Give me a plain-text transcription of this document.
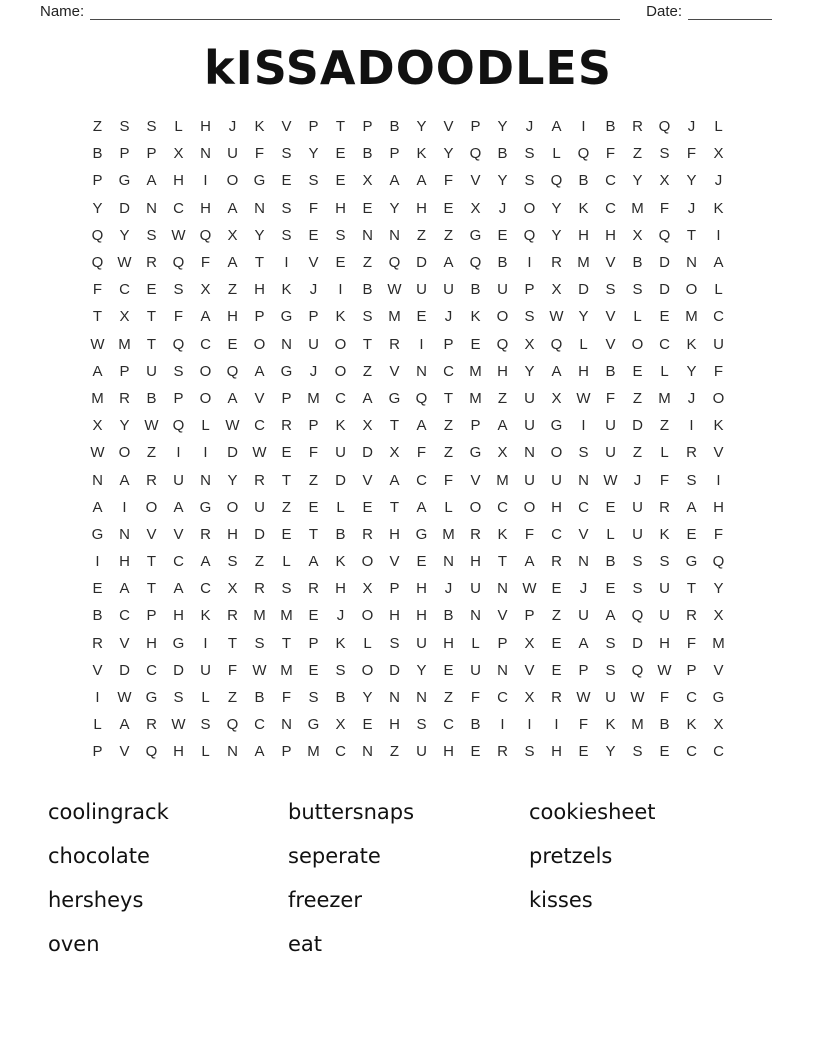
Name:	Date:
kISSADOODLES
Z	S	S	L	H	J	K	V	P	T	P	B	Y	V	P	Y	J	A	I	B	R	Q	J	L
B	P	P	X	N	U	F	S	Y	E	B	P	K	Y	Q	B	S	L	Q	F	Z	S	F	X
P	G	A	H	I	O	G	E	S	E	X	A	A	F	V	Y	S	Q	B	C	Y	X	Y	J
Y	D	N	C	H	A	N	S	F	H	E	Y	H	E	X	J	O	Y	K	C	M	F	J	K
Q	Y	S W Q	X	Y	S	E	S	N	N	Z	Z	G	E	Q	Y	H	H	X	Q	T	I
Q W R	Q	F	A	T	I	V	E	Z	Q	D	A	Q	B	I	R	M	V	B	D	N	A
F	C	E	S	X	Z	H	K	J	I	B W U	U	B	U	P	X	D	S	S	D	O	L
T	X	T	F	A	H	P	G	P	K	S	M	E	J	K	O	S W Y	V	L	E	M	C
W M	T	Q	C	E	O	N	U	O	T	R	I	P	E	Q	X	Q	L	V	O	C	K	U
A	P	U	S	O	Q	A	G	J	O	Z	V	N	C	M	H	Y	A	H	B	E	L	Y	F
M	R	B	P	O	A	V	P	M	C	A	G	Q	T	M	Z	U	X W	F	Z	M	J	O
X	Y W Q	L	W C	R	P	K	X	T	A	Z	P	A	U	G	I	U	D	Z	I	K
W O	Z	I	I	D W E	F	U	D	X	F	Z	G	X	N	O	S	U	Z	L	R	V
N	A	R	U	N	Y	R	T	Z	D	V	A	C	F	V	M	U	U	N W	J	F	S	I
A	I	O	A	G	O	U	Z	E	L	E	T	A	L	O	C	O	H	C	E	U	R	A	H
G	N	V	V	R	H	D	E	T	B	R	H	G M	R	K	F	C	V	L	U	K	E	F
I	H	T	C	A	S	Z	L	A	K	O	V	E	N	H	T	A	R	N	B	S	S	G	Q
E	A	T	A	C	X	R	S	R	H	X	P	H	J	U	N W E	J	E	S	U	T	Y
B	C	P	H	K	R	M M	E	J	O	H	H	B	N	V	P	Z	U	A	Q	U	R	X
R	V	H	G	I	T	S	T	P	K	L	S	U	H	L	P	X	E	A	S	D	H	F	M
V	D	C	D	U	F	W M	E	S	O	D	Y	E	U	N	V	E	P	S	Q W P	V
I	W G	S	L	Z	B	F	S	B	Y	N	N	Z	F	C	X	R W U W	F	C	G
L	A	R W S	Q	C	N	G	X	E	H	S	C	B	I	I	I	F	K	M	B	K	X
P	V	Q	H	L	N	A	P	M	C	N	Z	U	H	E	R	S	H	E	Y	S	E	C	C
coolingrack
chocolate
hersheys
oven
buttersnaps
seperate
freezer
eat
cookiesheet
pretzels
kisses
